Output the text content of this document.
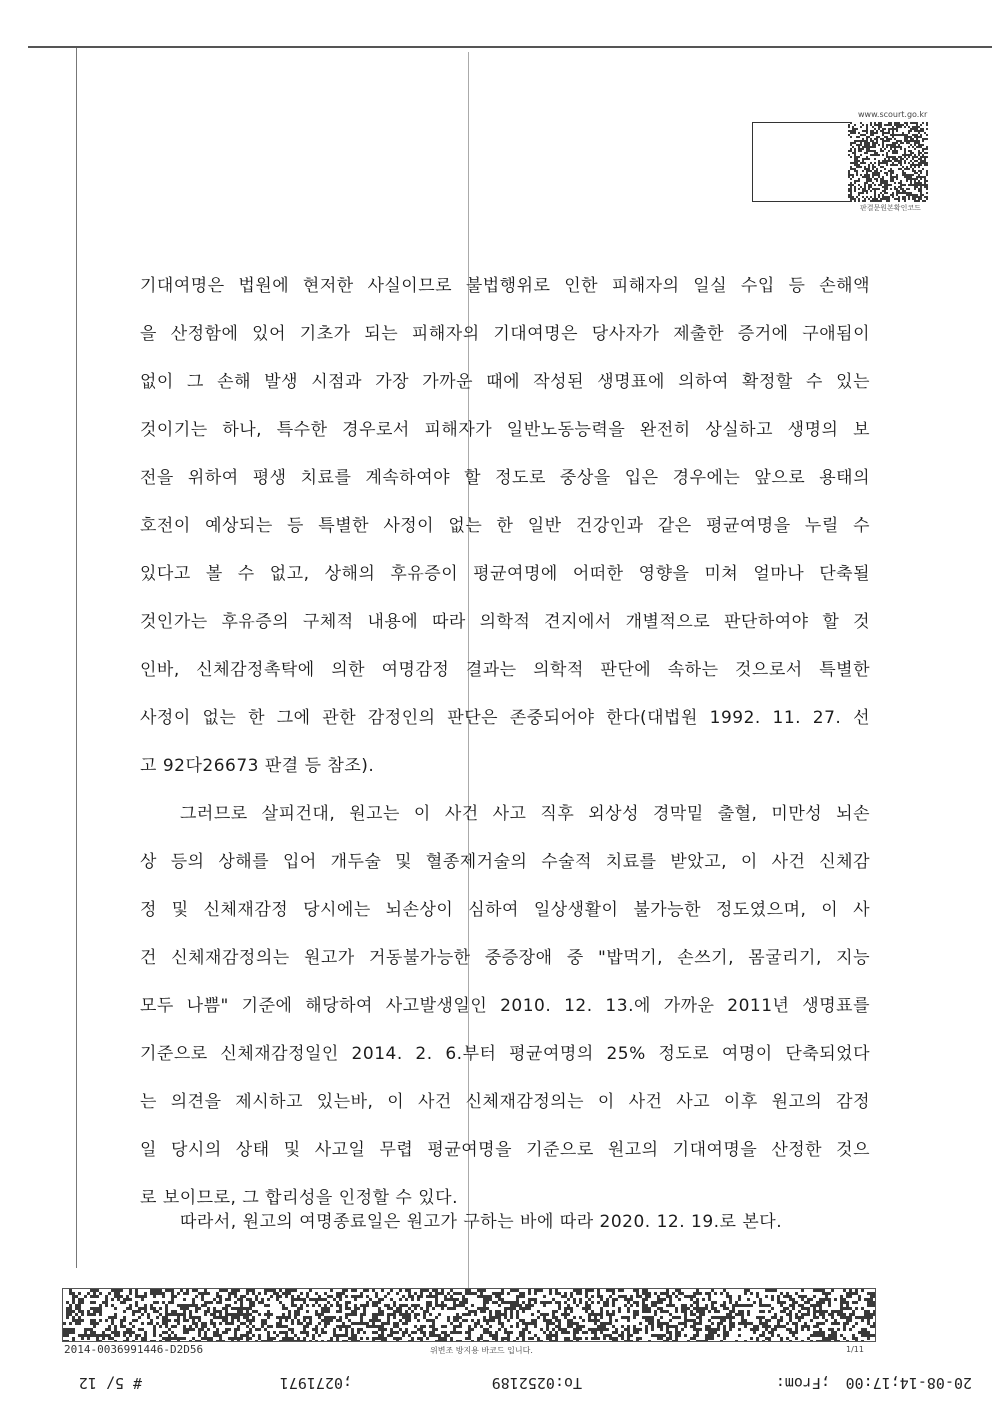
www.scourt.go.kr
판결문원본확인코드

기대여명은 법원에 현저한 사실이므로 불법행위로 인한 피해자의 일실 수입 등 손해액
을 산정함에 있어 기초가 되는 피해자의 기대여명은 당사자가 제출한 증거에 구애됨이
없이 그 손해 발생 시점과 가장 가까운 때에 작성된 생명표에 의하여 확정할 수 있는
것이기는 하나, 특수한 경우로서 피해자가 일반노동능력을 완전히 상실하고 생명의 보
전을 위하여 평생 치료를 계속하여야 할 정도로 중상을 입은 경우에는 앞으로 용태의
호전이 예상되는 등 특별한 사정이 없는 한 일반 건강인과 같은 평균여명을 누릴 수
있다고 볼 수 없고, 상해의 후유증이 평균여명에 어떠한 영향을 미쳐 얼마나 단축될
것인가는 후유증의 구체적 내용에 따라 의학적 견지에서 개별적으로 판단하여야 할 것
인바, 신체감정촉탁에 의한 여명감정 결과는 의학적 판단에 속하는 것으로서 특별한
사정이 없는 한 그에 관한 감정인의 판단은 존중되어야 한다(대법원 1992. 11. 27. 선
고 92다26673 판결 등 참조).

그러므로 살피건대, 원고는 이 사건 사고 직후 외상성 경막밑 출혈, 미만성 뇌손
상 등의 상해를 입어 개두술 및 혈종제거술의 수술적 치료를 받았고, 이 사건 신체감
정 및 신체재감정 당시에는 뇌손상이 심하여 일상생활이 불가능한 정도였으며, 이 사
건 신체재감정의는 원고가 거동불가능한 중증장애 중 "밥먹기, 손쓰기, 몸굴리기, 지능
모두 나쁨" 기준에 해당하여 사고발생일인 2010. 12. 13.에 가까운 2011년 생명표를
기준으로 신체재감정일인 2014. 2. 6.부터 평균여명의 25% 정도로 여명이 단축되었다
는 의견을 제시하고 있는바, 이 사건 신체재감정의는 이 사건 사고 이후 원고의 감정
일 당시의 상태 및 사고일 무렵 평균여명을 기준으로 원고의 기대여명을 산정한 것으
로 보이므로, 그 합리성을 인정할 수 있다.

따라서, 원고의 여명종료일은 원고가 구하는 바에 따라 2020. 12. 19.로 본다.
2014-0036991446-D2D56	위변조 방지용 바코드 입니다.	1/11
20-08-14;17:00
;From:
To:0252189
;0271971
# 5/ 12
